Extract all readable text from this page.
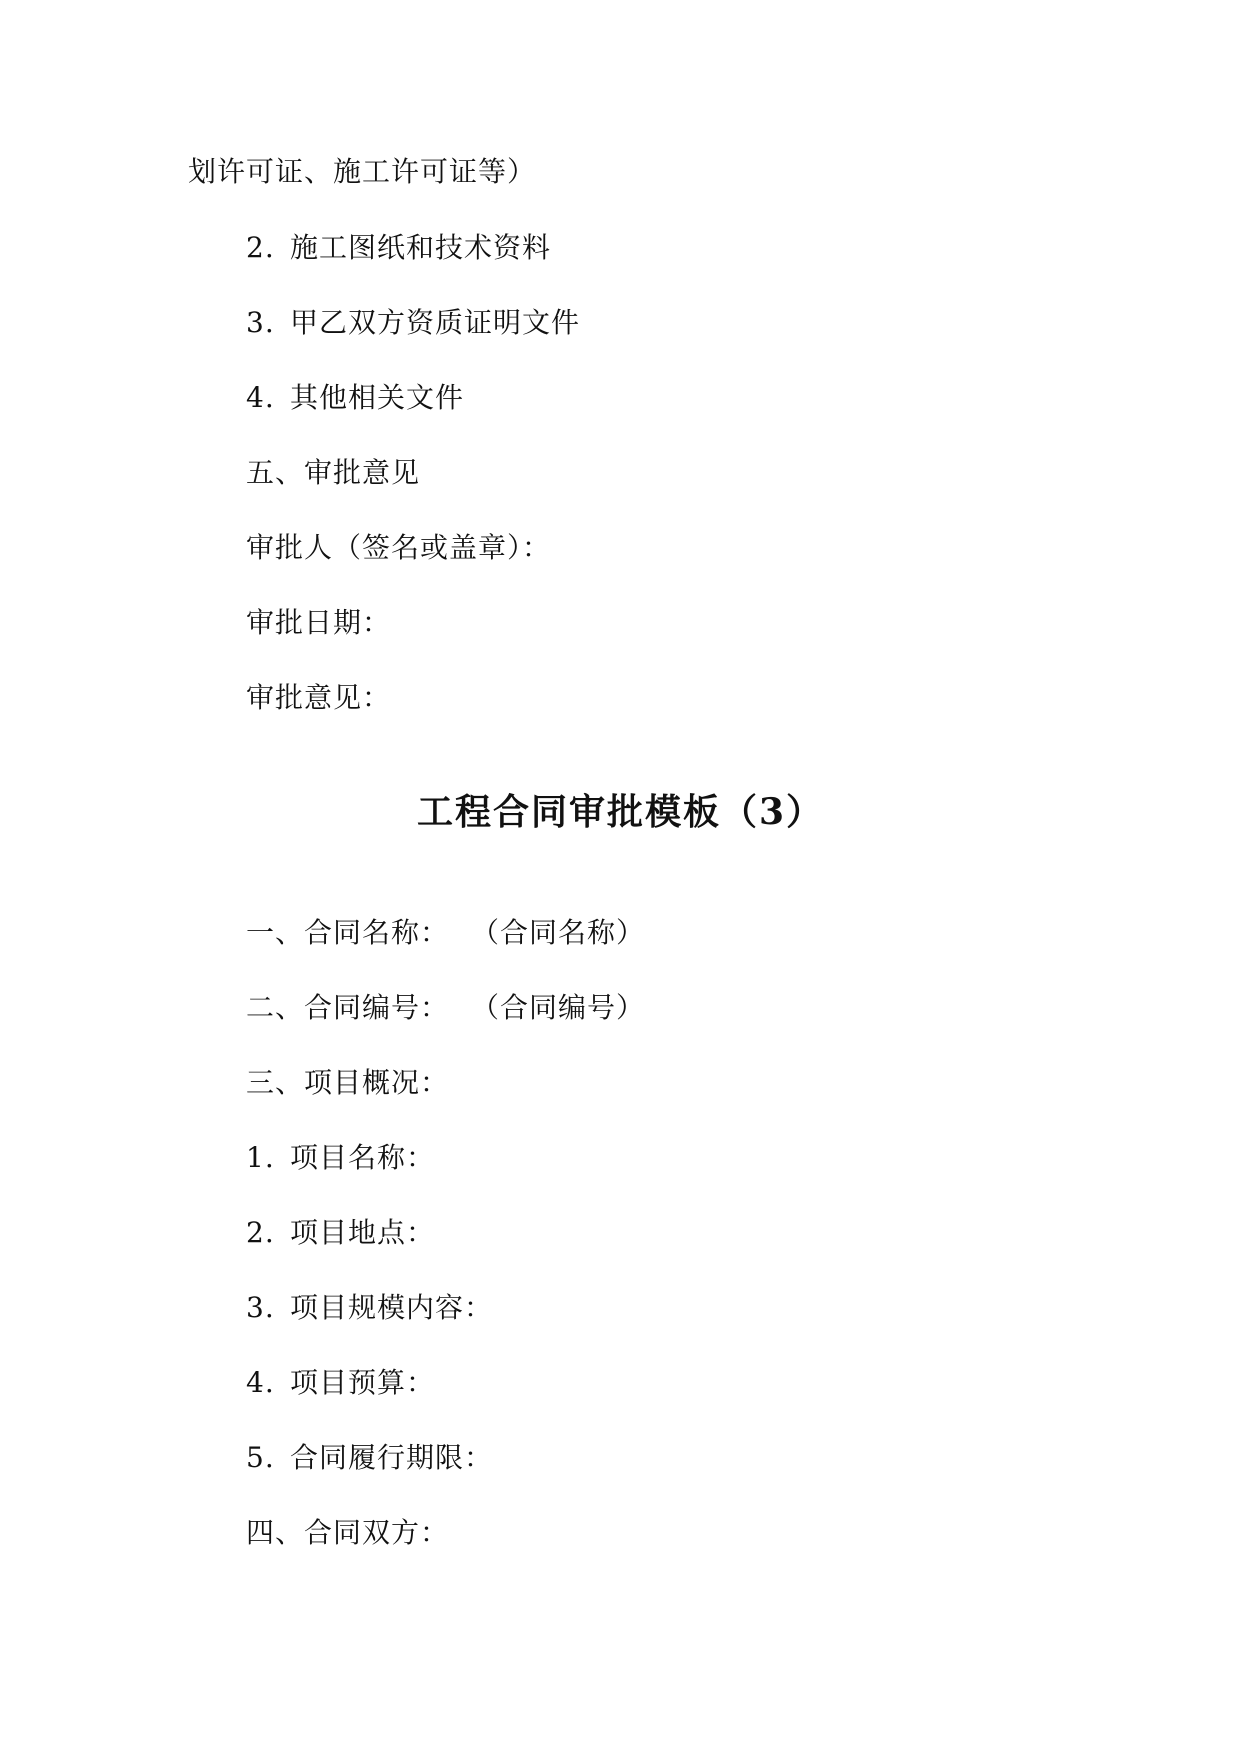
划许可证、施工许可证等）
2. 施工图纸和技术资料
3. 甲乙双方资质证明文件
4. 其他相关文件
五、审批意见
审批人（签名或盖章）：
审批日期：
审批意见：
工程合同审批模板（3）
一、合同名称： （合同名称）
二、合同编号： （合同编号）
三、项目概况：
1. 项目名称：
2. 项目地点：
3. 项目规模内容：
4. 项目预算：
5. 合同履行期限：
四、合同双方：
